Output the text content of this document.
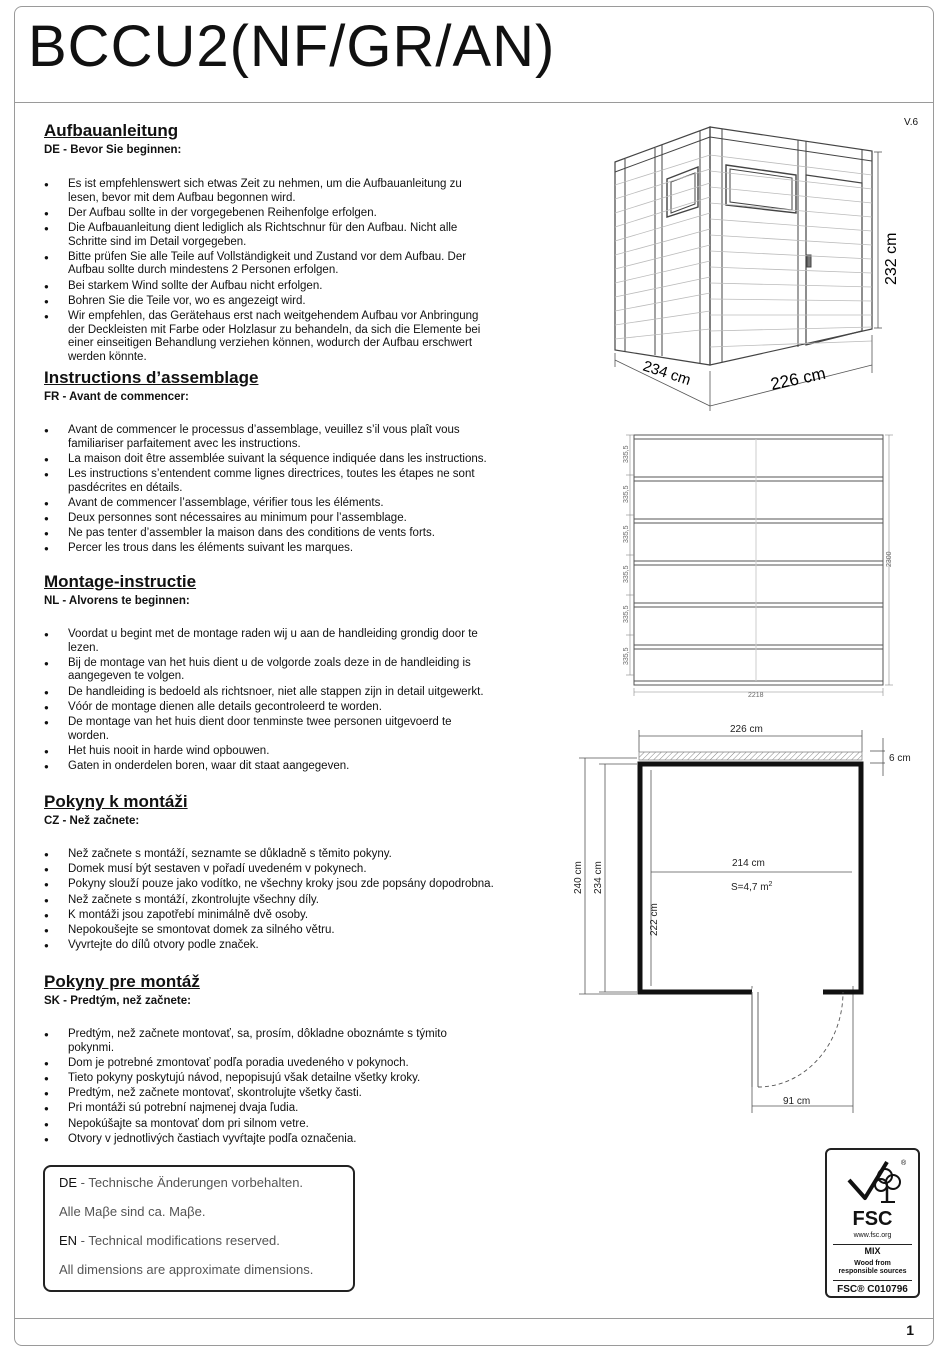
BCCU2(NF/GR/AN)
V.6
Aufbauanleitung
DE - Bevor Sie beginnen:
● Es ist empfehlenswert sich etwas Zeit zu nehmen, um die Aufbauanleitung zu lesen, bevor mit dem Aufbau begonnen wird.
● Der Aufbau sollte in der vorgegebenen Reihenfolge erfolgen.
● Die Aufbauanleitung dient lediglich als Richtschnur für den Aufbau. Nicht alle Schritte sind im Detail vorgegeben.
● Bitte prüfen Sie alle Teile auf Vollständigkeit und Zustand vor dem Aufbau. Der Aufbau sollte durch mindestens 2 Personen erfolgen.
● Bei starkem Wind sollte der Aufbau nicht erfolgen.
● Bohren Sie die Teile vor, wo es angezeigt wird.
● Wir empfehlen, das Gerätehaus erst nach weitgehendem Aufbau vor Anbringung der Deckleisten mit Farbe oder Holzlasur zu behandeln, da sich die Elemente bei einer einseitigen Behandlung verziehen können, wodurch der Aufbau erschwert werden könnte.
Instructions d’assemblage
FR - Avant de commencer:
● Avant de commencer le processus d’assemblage, veuillez s’il vous plaît vous familiariser parfaitement avec les instructions.
● La maison doit être assemblée suivant la séquence indiquée dans les instructions.
● Les instructions s’entendent comme lignes directrices, toutes les étapes ne sont pasdécrites en détails.
● Avant de commencer l’assemblage, vérifier tous les éléments.
● Deux personnes sont nécessaires au minimum pour l’assemblage.
● Ne pas tenter d’assembler la maison dans des conditions de vents forts.
● Percer les trous dans les éléments suivant les marques.
Montage-instructie
NL - Alvorens te beginnen:
● Voordat u begint met de montage raden wij u aan de handleiding grondig door te lezen.
● Bij de montage van het huis dient u de volgorde zoals deze in de handleiding is aangegeven te volgen.
● De handleiding is bedoeld als richtsnoer, niet alle stappen zijn in detail uitgewerkt.
● Vóór de montage dienen alle details gecontroleerd te worden.
● De montage van het huis dient door tenminste twee personen uitgevoerd te worden.
● Het huis nooit in harde wind opbouwen.
● Gaten in onderdelen boren, waar dit staat aangegeven.
Pokyny k montáži
CZ - Než začnete:
● Než začnete s montáží, seznamte se důkladně s těmito pokyny.
● Domek musí být sestaven v pořadí uvedeném v pokynech.
● Pokyny slouží pouze jako vodítko, ne všechny kroky jsou zde popsány dopodrobna.
● Než začnete s montáží, zkontrolujte všechny díly.
● K montáži jsou zapotřebí minimálně dvě osoby.
● Nepokoušejte se smontovat domek za silného větru.
● Vyvrtejte do dílů otvory podle značek.
Pokyny pre montáž
SK - Predtým, než začnete:
● Predtým, než začnete montovať, sa, prosím, dôkladne oboznámte s týmito pokynmi.
● Dom je potrebné zmontovať podľa poradia uvedeného v pokynoch.
● Tieto pokyny poskytujú návod, nepopisujú však detailne všetky kroky.
● Predtým, než začnete montovať, skontrolujte všetky časti.
● Pri montáži sú potrební najmenej dvaja ľudia.
● Nepokúšajte sa montovať dom pri silnom vetre.
● Otvory v jednotlivých častiach vyvŕtajte podľa označenia.
DE - Technische Änderungen vorbehalten.
Alle Maβe sind ca. Maβe.
EN - Technical modifications reserved.
All dimensions are approximate dimensions.
®
FSC
www.fsc.org
MIX
Wood from
responsible sources
FSC® C010796
232 cm
234 cm	226 cm
335,5
335,5
335,5
335,5
335,5
335,5
2300
2218
226 cm
6 cm
214 cm
S=4,7 $m^2$
240 cm 234 cm
222 cm
91 cm
1
